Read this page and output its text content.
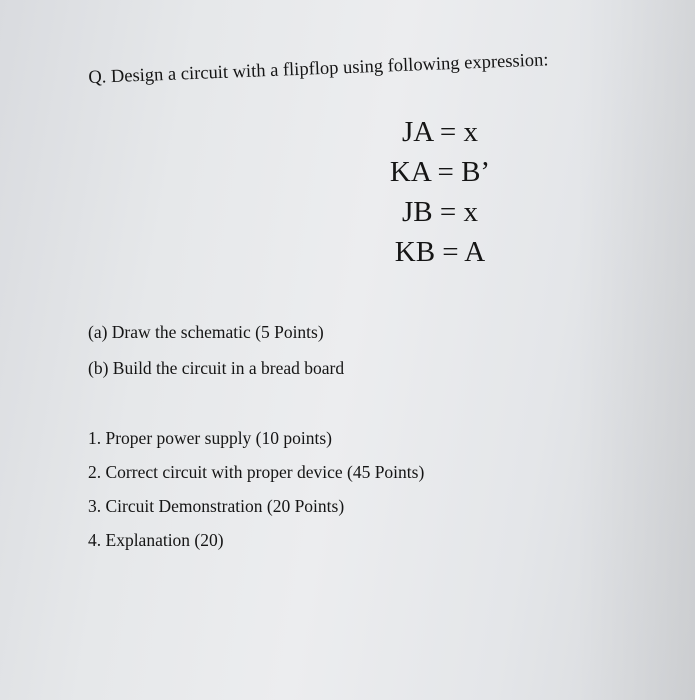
Q. Design a circuit with a flipflop using following expression:
JA = x
KA = B’
JB = x
KB = A
(a) Draw the schematic (5 Points)
(b) Build the circuit in a bread board
1. Proper power supply (10 points)
2. Correct circuit with proper device (45 Points)
3. Circuit Demonstration (20 Points)
4. Explanation (20)
